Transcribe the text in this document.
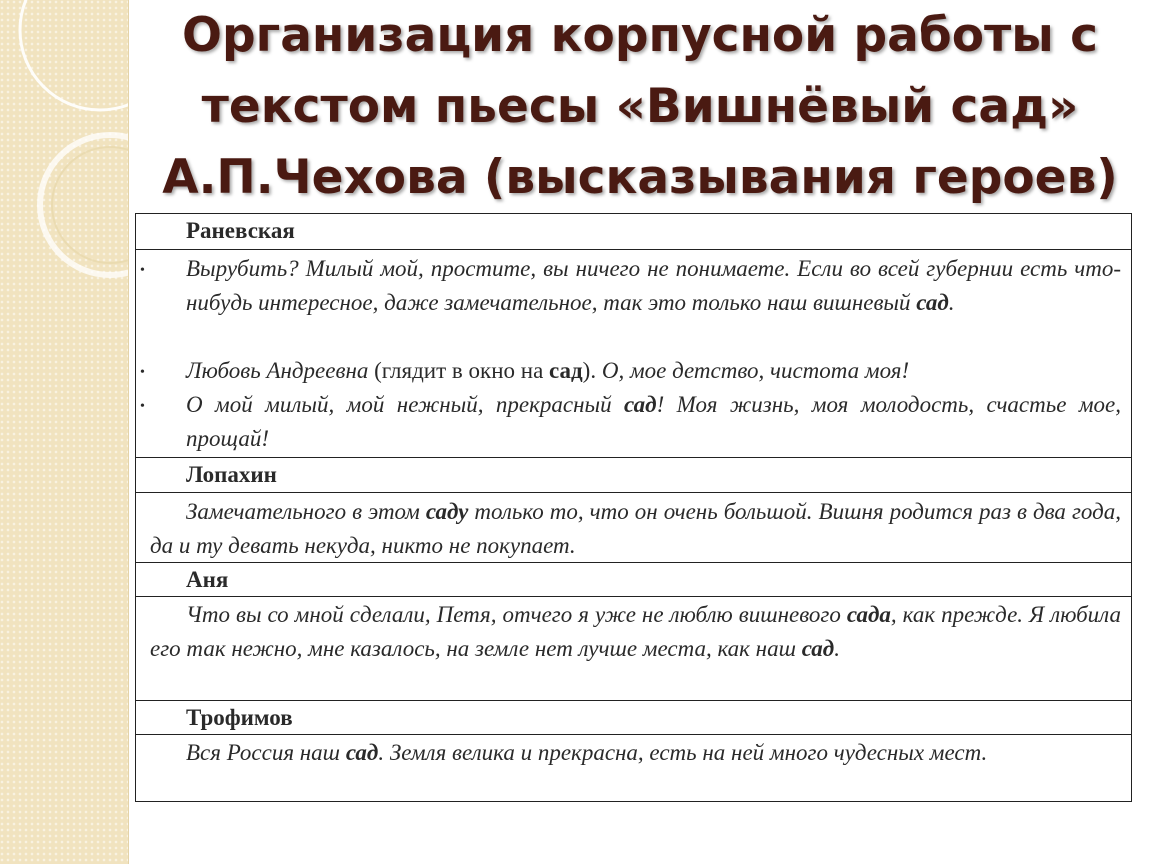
Организация корпусной работы с
текстом пьесы «Вишнёвый сад»
А.П.Чехова (высказывания героев)
Раневская
• Вырубить? Милый мой, простите, вы ничего не понимаете. Если во всей губернии есть что-нибудь интересное, даже замечательное, так это только наш вишневый сад.
• Любовь Андреевна (глядит в окно на сад). О, мое детство, чистота моя!
• О мой милый, мой нежный, прекрасный сад! Моя жизнь, моя молодость, счастье мое, прощай!
Лопахин
Замечательного в этом саду только то, что он очень большой. Вишня родится раз в два года, да и ту девать некуда, никто не покупает.
Аня
Что вы со мной сделали, Петя, отчего я уже не люблю вишневого сада, как прежде. Я любила его так нежно, мне казалось, на земле нет лучше места, как наш сад.
Трофимов
Вся Россия наш сад. Земля велика и прекрасна, есть на ней много чудесных мест.
